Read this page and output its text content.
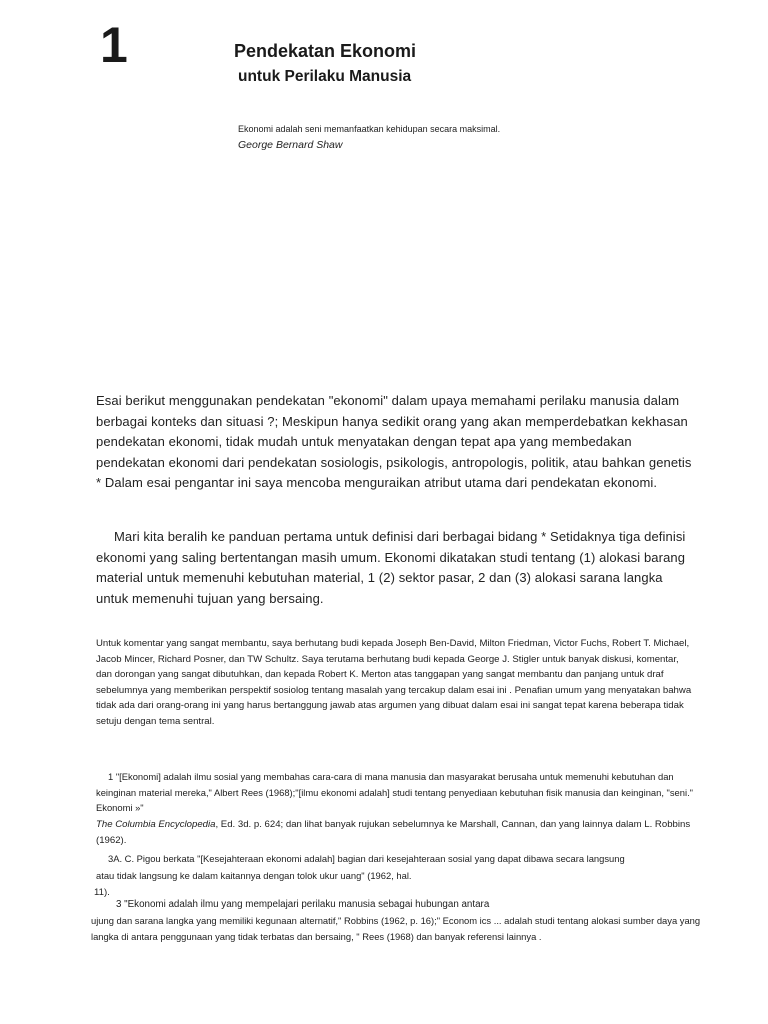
1	Pendekatan Ekonomi
untuk Perilaku Manusia
Ekonomi adalah seni memanfaatkan kehidupan secara maksimal.
George Bernard Shaw
Esai berikut menggunakan pendekatan "ekonomi" dalam upaya memahami perilaku manusia dalam berbagai konteks dan situasi ?; Meskipun hanya sedikit orang yang akan memperdebatkan kekhasan pendekatan ekonomi, tidak mudah untuk menyatakan dengan tepat apa yang membedakan pendekatan ekonomi dari pendekatan sosiologis, psikologis, antropologis, politik, atau bahkan genetis * Dalam esai pengantar ini saya mencoba menguraikan atribut utama dari pendekatan ekonomi.
Mari kita beralih ke panduan pertama untuk definisi dari berbagai bidang * Setidaknya tiga definisi ekonomi yang saling bertentangan masih umum. Ekonomi dikatakan studi tentang (1) alokasi barang material untuk memenuhi kebutuhan material, 1 (2) sektor pasar, 2 dan (3) alokasi sarana langka untuk memenuhi tujuan yang bersaing.
Untuk komentar yang sangat membantu, saya berhutang budi kepada Joseph Ben-David, Milton Friedman, Victor Fuchs, Robert T. Michael, Jacob Mincer, Richard Posner, dan TW Schultz. Saya terutama berhutang budi kepada George J. Stigler untuk banyak diskusi, komentar, dan dorongan yang sangat dibutuhkan, dan kepada Robert K. Merton atas tanggapan yang sangat membantu dan panjang untuk draf sebelumnya yang memberikan perspektif sosiolog tentang masalah yang tercakup dalam esai ini . Penafian umum yang menyatakan bahwa tidak ada dari orang-orang ini yang harus bertanggung jawab atas argumen yang dibuat dalam esai ini sangat tepat karena beberapa tidak setuju dengan tema sentral.
1 "[Ekonomi] adalah ilmu sosial yang membahas cara-cara di mana manusia dan masyarakat berusaha untuk memenuhi kebutuhan dan keinginan material mereka," Albert Rees (1968);"[ilmu ekonomi adalah] studi tentang penyediaan kebutuhan fisik manusia dan keinginan, "seni." Ekonomi »"
The Columbia Encyclopedia, Ed. 3d. p. 624; dan lihat banyak rujukan sebelumnya ke Marshall, Cannan, dan yang lainnya dalam L. Robbins (1962).
3A. C. Pigou berkata "[Kesejahteraan ekonomi adalah] bagian dari kesejahteraan sosial yang dapat dibawa secara langsung
atau tidak langsung ke dalam kaitannya dengan tolok ukur uang" (1962, hal.
11).
3 "Ekonomi adalah ilmu yang mempelajari perilaku manusia sebagai hubungan antara
ujung dan sarana langka yang memiliki kegunaan alternatif," Robbins (1962, p. 16);" Econom ics ... adalah studi tentang alokasi sumber daya yang langka di antara penggunaan yang tidak terbatas dan bersaing, " Rees (1968) dan banyak referensi lainnya .
